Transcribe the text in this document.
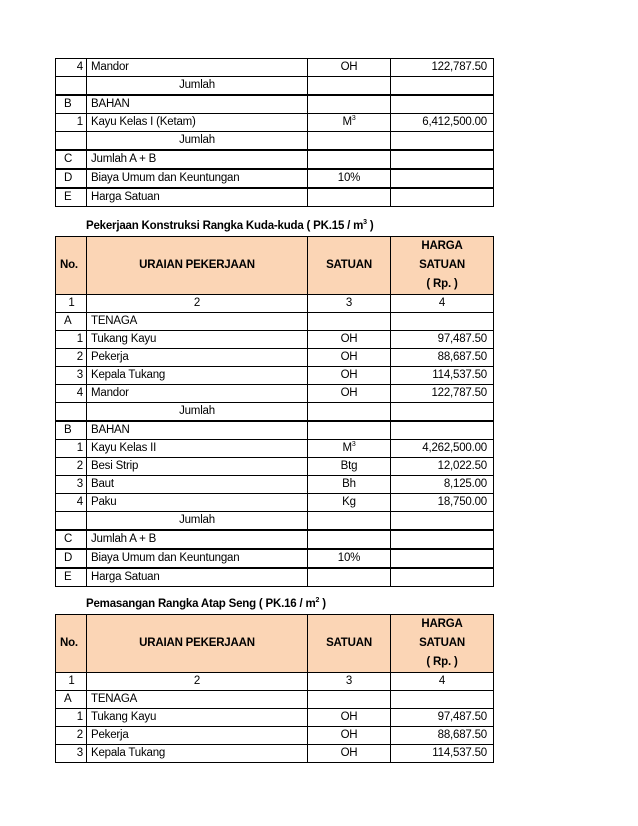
4	Mandor	OH	122,787.50
	Jumlah		
B	BAHAN		
1	Kayu Kelas I (Ketam)	$M^3$	6,412,500.00
	Jumlah		
C	Jumlah A + B		
D	Biaya Umum dan Keuntungan	10%	
E	Harga Satuan		
Pekerjaan Konstruksi Rangka Kuda-kuda ( $PK.15 / m^3$ )
No.	URAIAN PEKERJAAN	SATUAN	HARGA
SATUAN
( Rp. )

1	2	3	4
A	TENAGA		
1	Tukang Kayu	OH	97,487.50
2	Pekerja	OH	88,687.50
3	Kepala Tukang	OH	114,537.50
4	Mandor	OH	122,787.50
	Jumlah		
B	BAHAN		
1	Kayu Kelas II	$M^3$	4,262,500.00
2	Besi Strip	Btg	12,022.50
3	Baut	Bh	8,125.00
4	Paku	Kg	18,750.00
	Jumlah		
C	Jumlah A + B		
D	Biaya Umum dan Keuntungan	10%	
E	Harga Satuan		
Pemasangan Rangka Atap Seng ( $PK.16 / m^2$ )
No.	URAIAN PEKERJAAN	SATUAN	HARGA
SATUAN
( Rp. )

1	2	3	4
A	TENAGA		
1	Tukang Kayu	OH	97,487.50
2	Pekerja	OH	88,687.50
3	Kepala Tukang	OH	114,537.50
